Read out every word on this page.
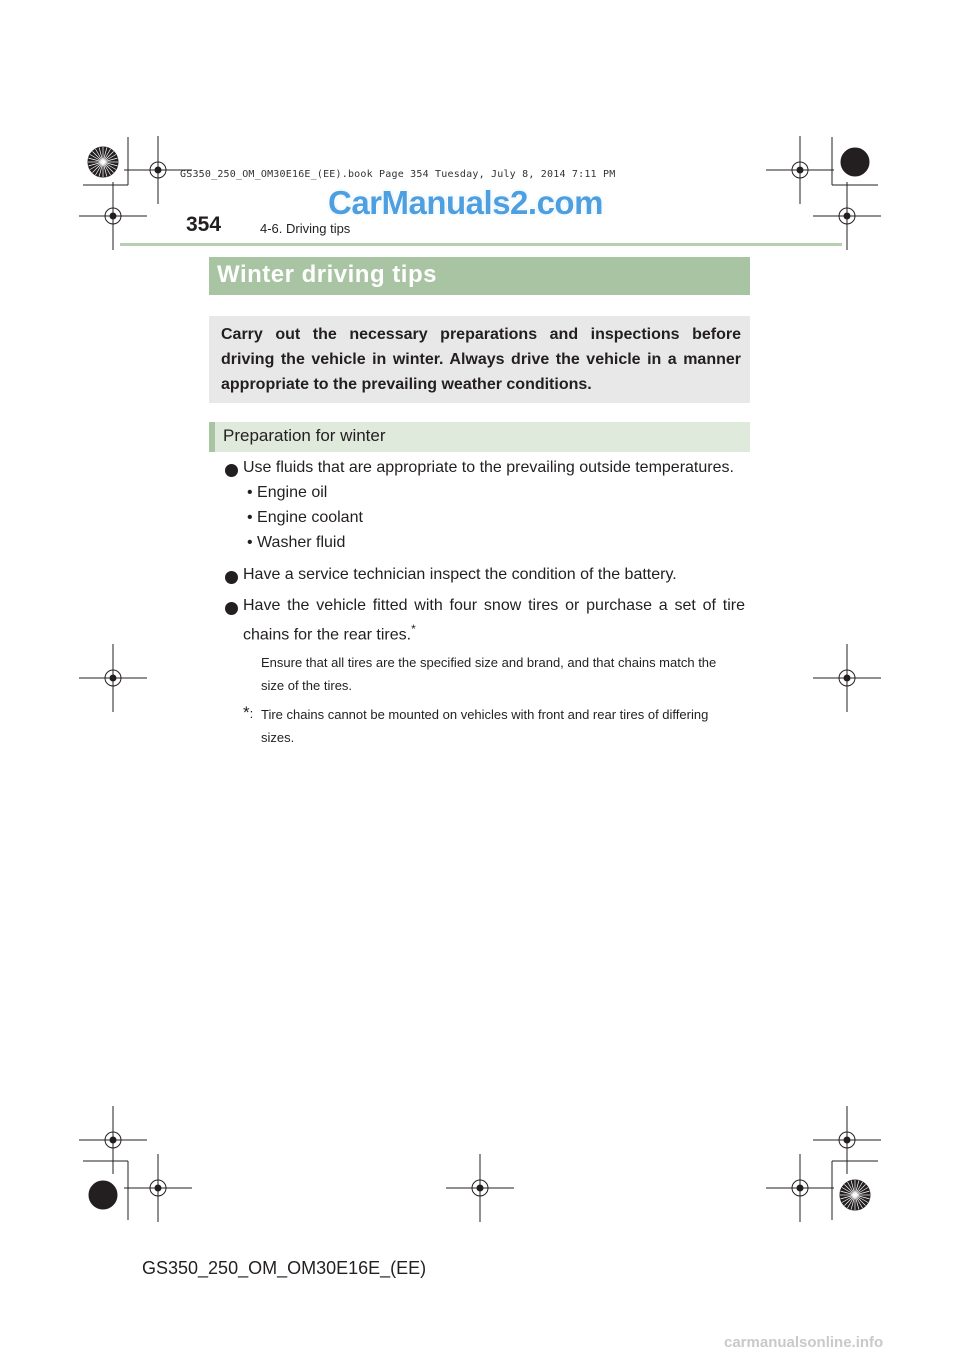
GS350_250_OM_OM30E16E_(EE).book Page 354 Tuesday, July 8, 2014 7:11 PM
CarManuals2.com
354	4-6. Driving tips
Winter driving tips
Carry out the necessary preparations and inspections before driving the vehicle in winter. Always drive the vehicle in a manner appropriate to the prevailing weather conditions.
Preparation for winter
Use fluids that are appropriate to the prevailing outside temperatures.
• Engine oil
• Engine coolant
• Washer fluid
Have a service technician inspect the condition of the battery.
Have the vehicle fitted with four snow tires or purchase a set of tire
chains for the rear tires.*
Ensure that all tires are the specified size and brand, and that chains match the
size of the tires.
*: Tire chains cannot be mounted on vehicles with front and rear tires of differing
sizes.
GS350_250_OM_OM30E16E_(EE)
carmanualsonline.info
